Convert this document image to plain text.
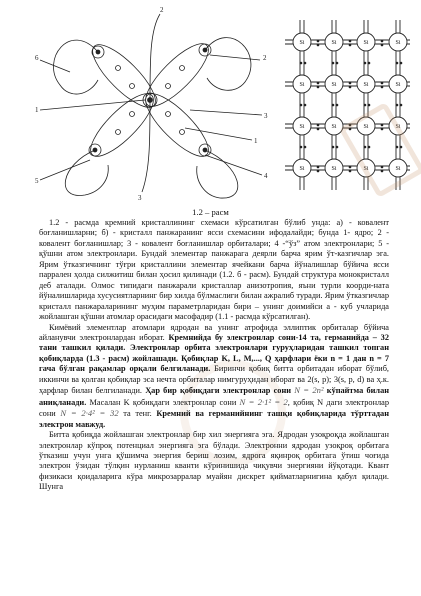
6
1
5
2
3
4
1
2
3
Si	Si	Si	Si
Si	Si	Si	Si
Si	Si	Si	Si
Si	Si	Si	Si
1.2 – расм

1.2 - расмда кремний кристаллининг схемаси кўрсатилган бўлиб унда: а) - ковалент боғланишларни; б) - кристалл панжаранинг ясси схемасини ифодалайди; бунда 1- ядро; 2 - ковалент боғланишлар; 3 - ковалент боғланишлар орбиталари; 4 -“ўз” атом электронлари; 5 - қўшни атом электронлари. Бундай элементар панжарага деярли барча ярим ўт-казгичлар эга. Ярим ўтказгичнинг тўғри кристаллини элементар ячейкани барча йўналишлар бўйича ясси паррален ҳолда силжитиш билан ҳосил қилинади (1.2. б - расм). Бундай структура монокристалл деб аталади. Олмос типидаги панжарали кристаллар анизотропия, яъни турли коорди-ната йўналишларида хусусиятларнинг бир хилда бўлмаслиги билан ажралиб туради. Ярим ўтказгичлар кристалл панжараларининг муҳим параметрларидан бири – унинг доимийси а - куб учларида жойлашган қўшни атомлар орасидаги масофадир (1.1 - расмда кўрсатилган).

Кимёвий элементлар атомлари ядродан ва унинг атрофида эллиптик орбиталар бўйича айланувчи электронлардан иборат. Кремнийда бу электронлар сони-14 та, германийда – 32 тани ташкил қилади. Электронлар орбита электронлари гуруҳларидан ташкил топган қобиқларда (1.3 - расм) жойлашади. Қобиқлар K, L, M,..., Q ҳарфлари ёки n = 1 дан n = 7 гача бўлган рақамлар орқали белгиланади. Биринчи қобиқ битта орбитадан иборат бўлиб, иккинчи ва қолган қобиқлар эса нечта орбиталар нимгуруҳидан иборат ва 2(s, p); 3(s, p, d) ва ҳ.к. ҳарфлар билан белгиланади. Ҳар бир қобиқдаги электронлар сони N = 2n² кўпайтма билан аниқланади. Масалан K қобиқдаги электронлар сони N = 2·1² = 2, қобиқ N даги электронлар сони N = 2·4² = 32 та тенг. Кремний ва германийнинг ташқи қобиқларида тўрттадан электрон мавжуд.

Битта қобиқда жойлашган электронлар бир хил энергияга эга. Ядродан узоқроқда жойлашган электронлар кўпроқ потенциал энергияга эга бўлади. Электронни ядродан узоқроқ орбитага ўтказиш учун унга қўшимча энергия бериш лозим, ядрога яқинроқ орбитага ўтиш чоғида электрон ўзидан тўлқин нурланиш кванти кўринишида чиқувчи энергияни йўқотади. Квант физикаси қоидаларига кўра микрозарралар муайян дискрет қийматларнигина қабул қилади. Шунга
